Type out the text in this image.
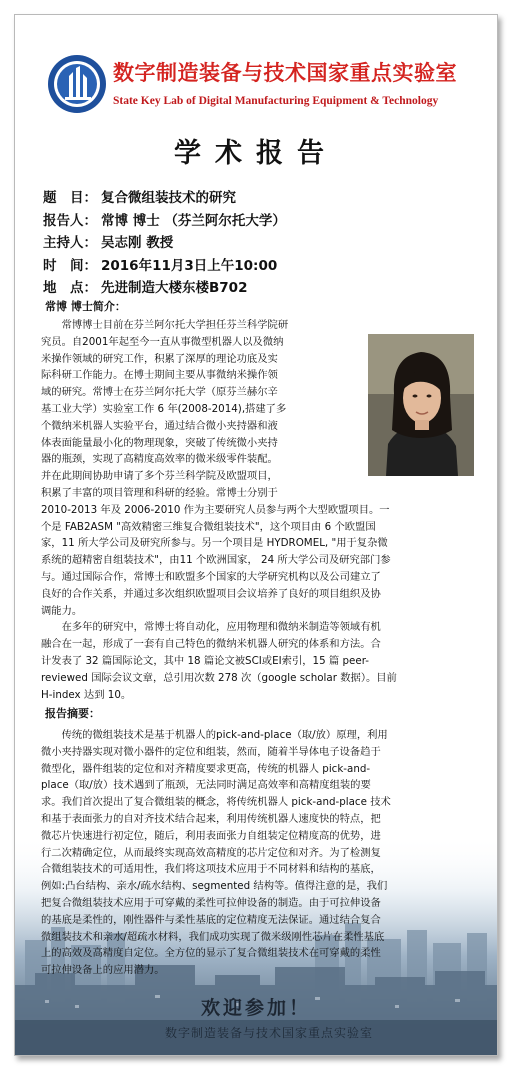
数字制造装备与技术国家重点实验室
State Key Lab of Digital Manufacturing Equipment & Technology
学术报告
题　目： 复合微组装技术的研究
报告人： 常博 博士 （芬兰阿尔托大学）
主持人： 吴志刚 教授
时　间： 2016年11月3日上午10:00
地　点： 先进制造大楼东楼B702
常博 博士简介：
　　常博博士目前在芬兰阿尔托大学担任芬兰科学院研
究员。自2001年起至今一直从事微型机器人以及微纳
米操作领域的研究工作，积累了深厚的理论功底及实
际科研工作能力。在博士期间主要从事微纳米操作领
域的研究。常博士在芬兰阿尔托大学（原芬兰赫尔辛
基工业大学）实验室工作 6 年(2008-2014),搭建了多
个微纳米机器人实验平台，通过结合微小夹持器和液
体表面能量最小化的物理现象，突破了传统微小夹持
器的瓶颈，实现了高精度高效率的微米级零件装配。
并在此期间协助申请了多个芬兰科学院及欧盟项目，
积累了丰富的项目管理和科研的经验。常博士分别于
2010-2013 年及 2006-2010 作为主要研究人员参与两个大型欧盟项目。一
个是 FAB2ASM "高效精密三维复合微组装技术"，这个项目由 6 个欧盟国
家，11 所大学公司及研究所参与。另一个项目是 HYDROMEL, "用于复杂微
系统的超精密自组装技术"，由11 个欧洲国家， 24 所大学公司及研究部门参
与。通过国际合作，常博士和欧盟多个国家的大学研究机构以及公司建立了
良好的合作关系，并通过多次组织欧盟项目会议培养了良好的项目组织及协
调能力。
　　在多年的研究中，常博士将自动化，应用物理和微纳米制造等领域有机
融合在一起，形成了一套有自己特色的微纳米机器人研究的体系和方法。合
计发表了 32 篇国际论文，其中 18 篇论文被SCI或EI索引，15 篇 peer-
reviewed 国际会议文章，总引用次数 278 次（google scholar 数据）。目前
H-index 达到 10。
报告摘要：
　　传统的微组装技术是基于机器人的pick-and-place（取/放）原理，利用
微小夹持器实现对微小器件的定位和组装，然而，随着半导体电子设备趋于
微型化，器件组装的定位和对齐精度要求更高，传统的机器人 pick-and-
place（取/放）技术遇到了瓶颈，无法同时满足高效率和高精度组装的要
求。我们首次提出了复合微组装的概念，将传统机器人 pick-and-place 技术
和基于表面张力的自对齐技术结合起来，利用传统机器人速度快的特点，把
微芯片快速进行初定位，随后，利用表面张力自组装定位精度高的优势，进
行二次精确定位，从而最终实现高效高精度的芯片定位和对齐。为了检测复
合微组装技术的可适用性，我们将这项技术应用于不同材料和结构的基底，
例如:凸台结构、亲水/疏水结构、segmented 结构等。值得注意的是，我们
把复合微组装技术应用于可穿戴的柔性可拉伸设备的制造。由于可拉伸设备
的基底是柔性的，刚性器件与柔性基底的定位精度无法保证。通过结合复合
微组装技术和亲水/超疏水材料，我们成功实现了微米级刚性芯片在柔性基底
上的高效及高精度自定位。全方位的显示了复合微组装技术在可穿戴的柔性
可拉伸设备上的应用潜力。
欢迎参加！
数字制造装备与技术国家重点实验室
